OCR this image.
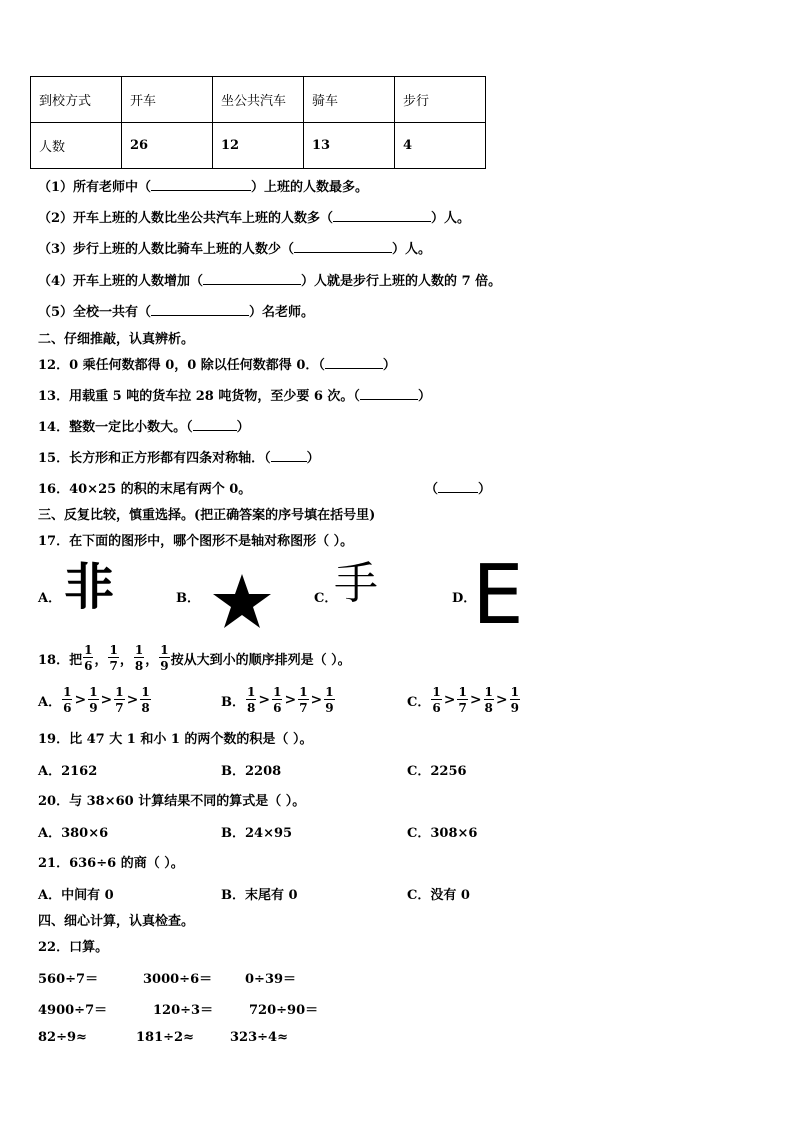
到校方式	开车	坐公共汽车	骑车	步行
人数	26	12	13	4
（1）所有老师中（	）上班的人数最多。
（2）开车上班的人数比坐公共汽车上班的人数多（	）人。
（3）步行上班的人数比骑车上班的人数少（	）人。
（4）开车上班的人数增加（	）人就是步行上班的人数的 7 倍。
（5）全校一共有（	）名老师。
二、仔细推敲，认真辨析。
12．0 乘任何数都得 0，0 除以任何数都得 0．（	）
13．用载重 5 吨的货车拉 28 吨货物，至少要 6 次。（	）
14．整数一定比小数大。（	）
15．长方形和正方形都有四条对称轴．（	）
16．40×25 的积的末尾有两个 0。	（	）
三、反复比较，慎重选择。(把正确答案的序号填在括号里)
17．在下面的图形中，哪个图形不是轴对称图形（ ）。
A． 非	B．	C．
手	D．
E
18．把 $\frac{1}{6}$ ， $\frac{1}{7}$ ， $\frac{1}{8}$ ， $\frac{1}{9}$ 按从大到小的顺序排列是（ ）。
A． $\frac{1}{6} > \frac{1}{9} > \frac{1}{7} > \frac{1}{8}$	B． $\frac{1}{8} > \frac{1}{6} > \frac{1}{7} > \frac{1}{9}$	C． $\frac{1}{6} > \frac{1}{7} > \frac{1}{8} > \frac{1}{9}$
19．比 47 大 1 和小 1 的两个数的积是（ ）。
A．2162	B．2208	C．2256
20．与 38×60 计算结果不同的算式是（ ）。
A．380×6	B．24×95	C．308×6
21．636÷6 的商（ ）。
A．中间有 0	B．末尾有 0	C．没有 0
四、细心计算，认真检查。
22．口算。
560÷7＝	3000÷6＝	0÷39＝
4900÷7＝	120÷3＝	720÷90＝
82÷9≈	181÷2≈	323÷4≈
